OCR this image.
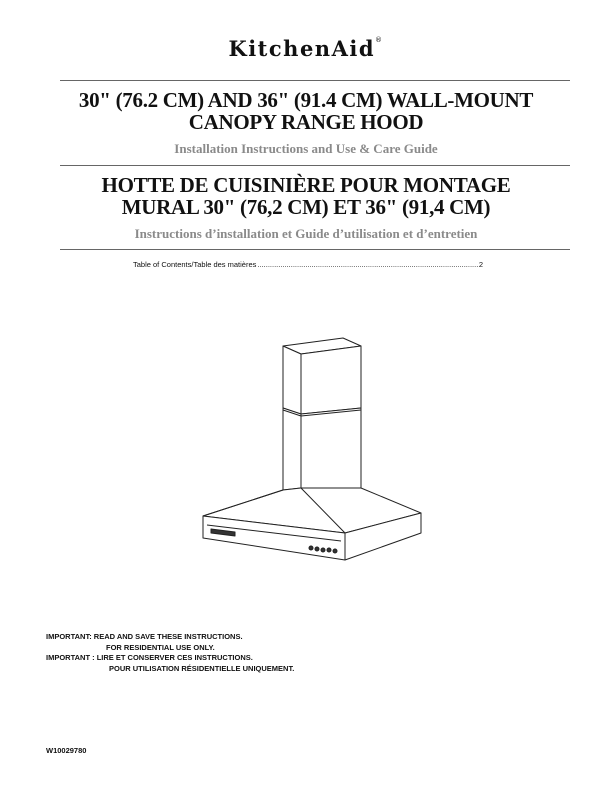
KitchenAid®
30" (76.2 CM) AND 36" (91.4 CM) WALL-MOUNT
CANOPY RANGE HOOD
Installation Instructions and Use & Care Guide
HOTTE DE CUISINIÈRE POUR MONTAGE
MURAL 30" (76,2 CM) ET 36" (91,4 CM)
Instructions d’installation et Guide d’utilisation et d’entretien
Table of Contents/Table des matières
.....	2
IMPORTANT:
READ AND SAVE THESE INSTRUCTIONS.
FOR RESIDENTIAL USE ONLY.
IMPORTANT :
LIRE ET CONSERVER CES INSTRUCTIONS.
POUR UTILISATION RÉSIDENTIELLE UNIQUEMENT.
W10029780
